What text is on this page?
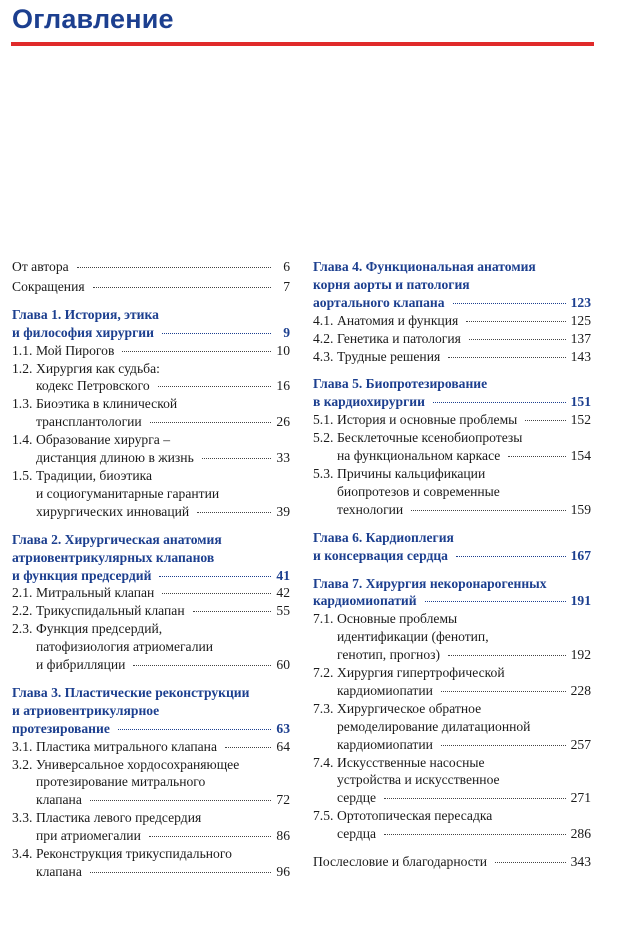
Оглавление
От автора	6
Сокращения	7
Глава 1. История, этика
и философия хирургии	9
1.1. Мой Пирогов	10
1.2. Хирургия как судьба:
кодекс Петровского	16
1.3. Биоэтика в клинической
трансплантологии	26
1.4. Образование хирурга –
дистанция длиною в жизнь	33
1.5. Традиции, биоэтика
и социогуманитарные гарантии
хирургических инноваций	39
Глава 2. Хирургическая анатомия
атриовентрикулярных клапанов
и функция предсердий	41
2.1. Митральный клапан	42
2.2. Трикуспидальный клапан	55
2.3. Функция предсердий,
патофизиология атриомегалии
и фибрилляции	60
Глава 3. Пластические реконструкции
и атриовентрикулярное
протезирование	63
3.1. Пластика митрального клапана	64
3.2. Универсальное хордосохраняющее
протезирование митрального
клапана	72
3.3. Пластика левого предсердия
при атриомегалии	86
3.4. Реконструкция трикуспидального
клапана	96
Глава 4. Функциональная анатомия
корня аорты и патология
аортального клапана	123
4.1. Анатомия и функция	125
4.2. Генетика и патология	137
4.3. Трудные решения	143
Глава 5. Биопротезирование
в кардиохирургии	151
5.1. История и основные проблемы	152
5.2. Бесклеточные ксенобиопротезы
на функциональном каркасе	154
5.3. Причины кальцификации
биопротезов и современные
технологии	159
Глава 6. Кардиоплегия
и консервация сердца	167
Глава 7. Хирургия некоронарогенных
кардиомиопатий	191
7.1. Основные проблемы
идентификации (фенотип,
генотип, прогноз)	192
7.2. Хирургия гипертрофической
кардиомиопатии	228
7.3. Хирургическое обратное
ремоделирование дилатационной
кардиомиопатии	257
7.4. Искусственные насосные
устройства и искусственное
сердце	271
7.5. Ортотопическая пересадка
сердца	286
Послесловие и благодарности	343
